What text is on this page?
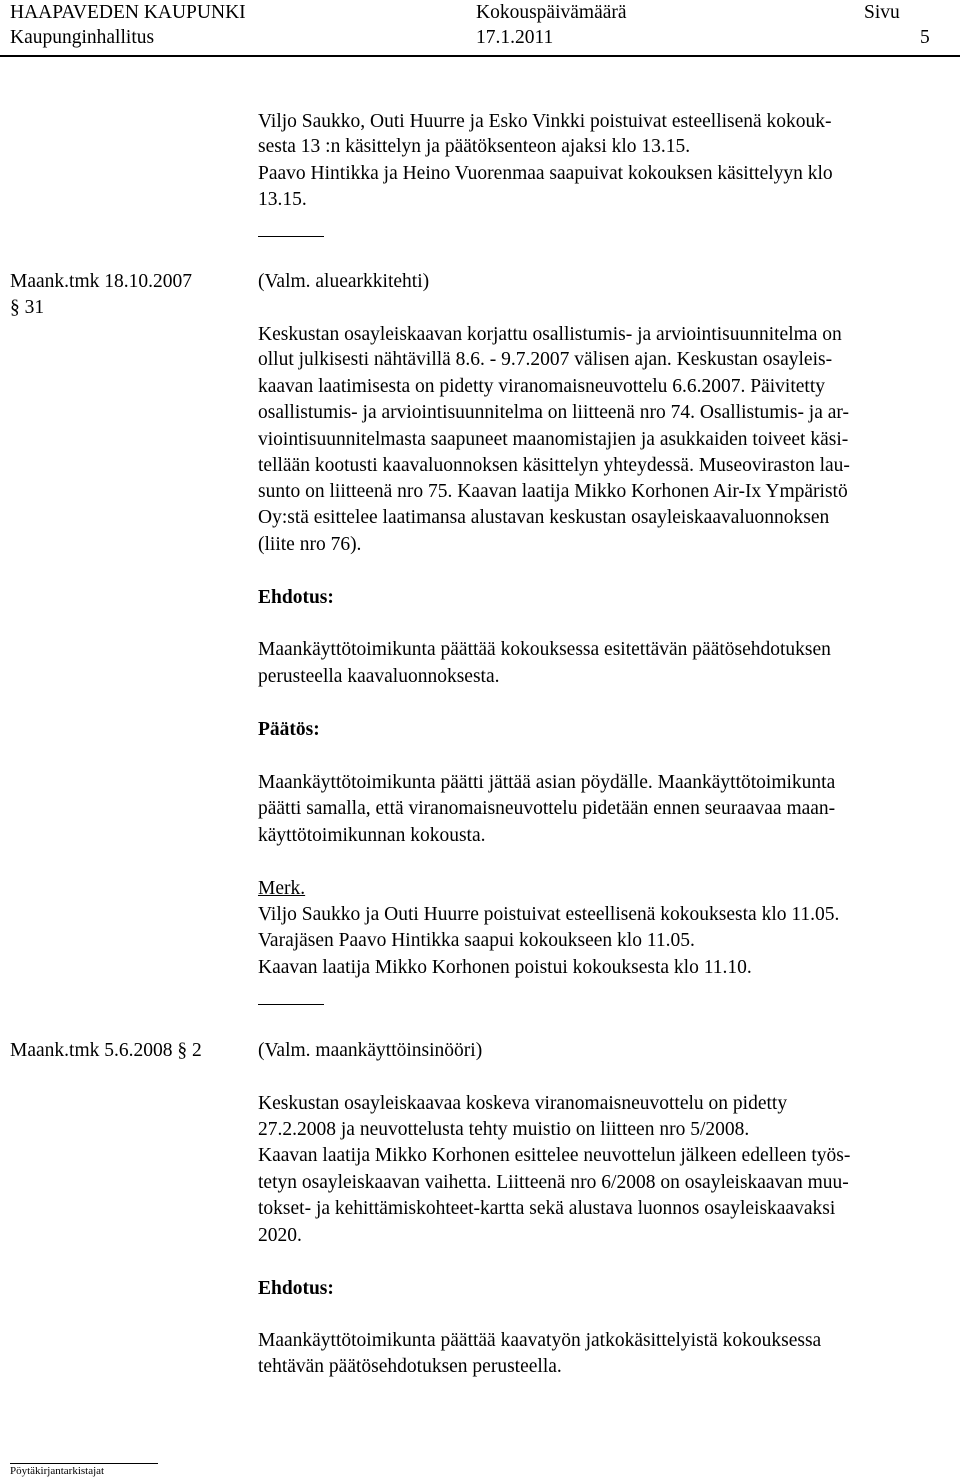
HAAPAVEDEN KAUPUNKI
Kaupunginhallitus
Kokouspäivämäärä
17.1.2011
Sivu
5
Viljo Saukko, Outi Huurre ja Esko Vinkki poistuivat esteellisenä kokouk-
sesta 13 :n käsittelyn ja päätöksenteon ajaksi klo 13.15.
Paavo Hintikka ja Heino Vuorenmaa saapuivat kokouksen käsittelyyn klo
13.15.
Maank.tmk 18.10.2007
§ 31
(Valm. aluearkkitehti)
Keskustan osayleiskaavan korjattu osallistumis- ja arviointisuunnitelma on
ollut julkisesti nähtävillä 8.6. - 9.7.2007 välisen ajan. Keskustan osayleis-
kaavan laatimisesta on pidetty viranomaisneuvottelu 6.6.2007. Päivitetty
osallistumis- ja arviointisuunnitelma on liitteenä nro 74. Osallistumis- ja ar-
viointisuunnitelmasta saapuneet maanomistajien ja asukkaiden toiveet käsi-
tellään kootusti kaavaluonnoksen käsittelyn yhteydessä. Museoviraston lau-
sunto on liitteenä nro 75. Kaavan laatija Mikko Korhonen Air-Ix Ympäristö
Oy:stä esittelee laatimansa alustavan keskustan osayleiskaavaluonnoksen
(liite nro 76).
Ehdotus:
Maankäyttötoimikunta päättää kokouksessa esitettävän päätösehdotuksen
perusteella kaavaluonnoksesta.
Päätös:
Maankäyttötoimikunta päätti jättää asian pöydälle. Maankäyttötoimikunta
päätti samalla, että viranomaisneuvottelu pidetään ennen seuraavaa maan-
käyttötoimikunnan kokousta.
Merk.
Viljo Saukko ja Outi Huurre poistuivat esteellisenä kokouksesta klo 11.05.
Varajäsen Paavo Hintikka saapui kokoukseen klo 11.05.
Kaavan laatija Mikko Korhonen poistui kokouksesta klo 11.10.
Maank.tmk 5.6.2008 § 2	(Valm. maankäyttöinsinööri)
Keskustan osayleiskaavaa koskeva viranomaisneuvottelu on pidetty
27.2.2008 ja neuvottelusta tehty muistio on liitteen nro 5/2008.
Kaavan laatija Mikko Korhonen esittelee neuvottelun jälkeen edelleen työs-
tetyn osayleiskaavan vaihetta. Liitteenä nro 6/2008 on osayleiskaavan muu-
tokset- ja kehittämiskohteet-kartta sekä alustava luonnos osayleiskaavaksi
2020.
Ehdotus:
Maankäyttötoimikunta päättää kaavatyön jatkokäsittelyistä kokouksessa
tehtävän päätösehdotuksen perusteella.
Pöytäkirjantarkistajat
